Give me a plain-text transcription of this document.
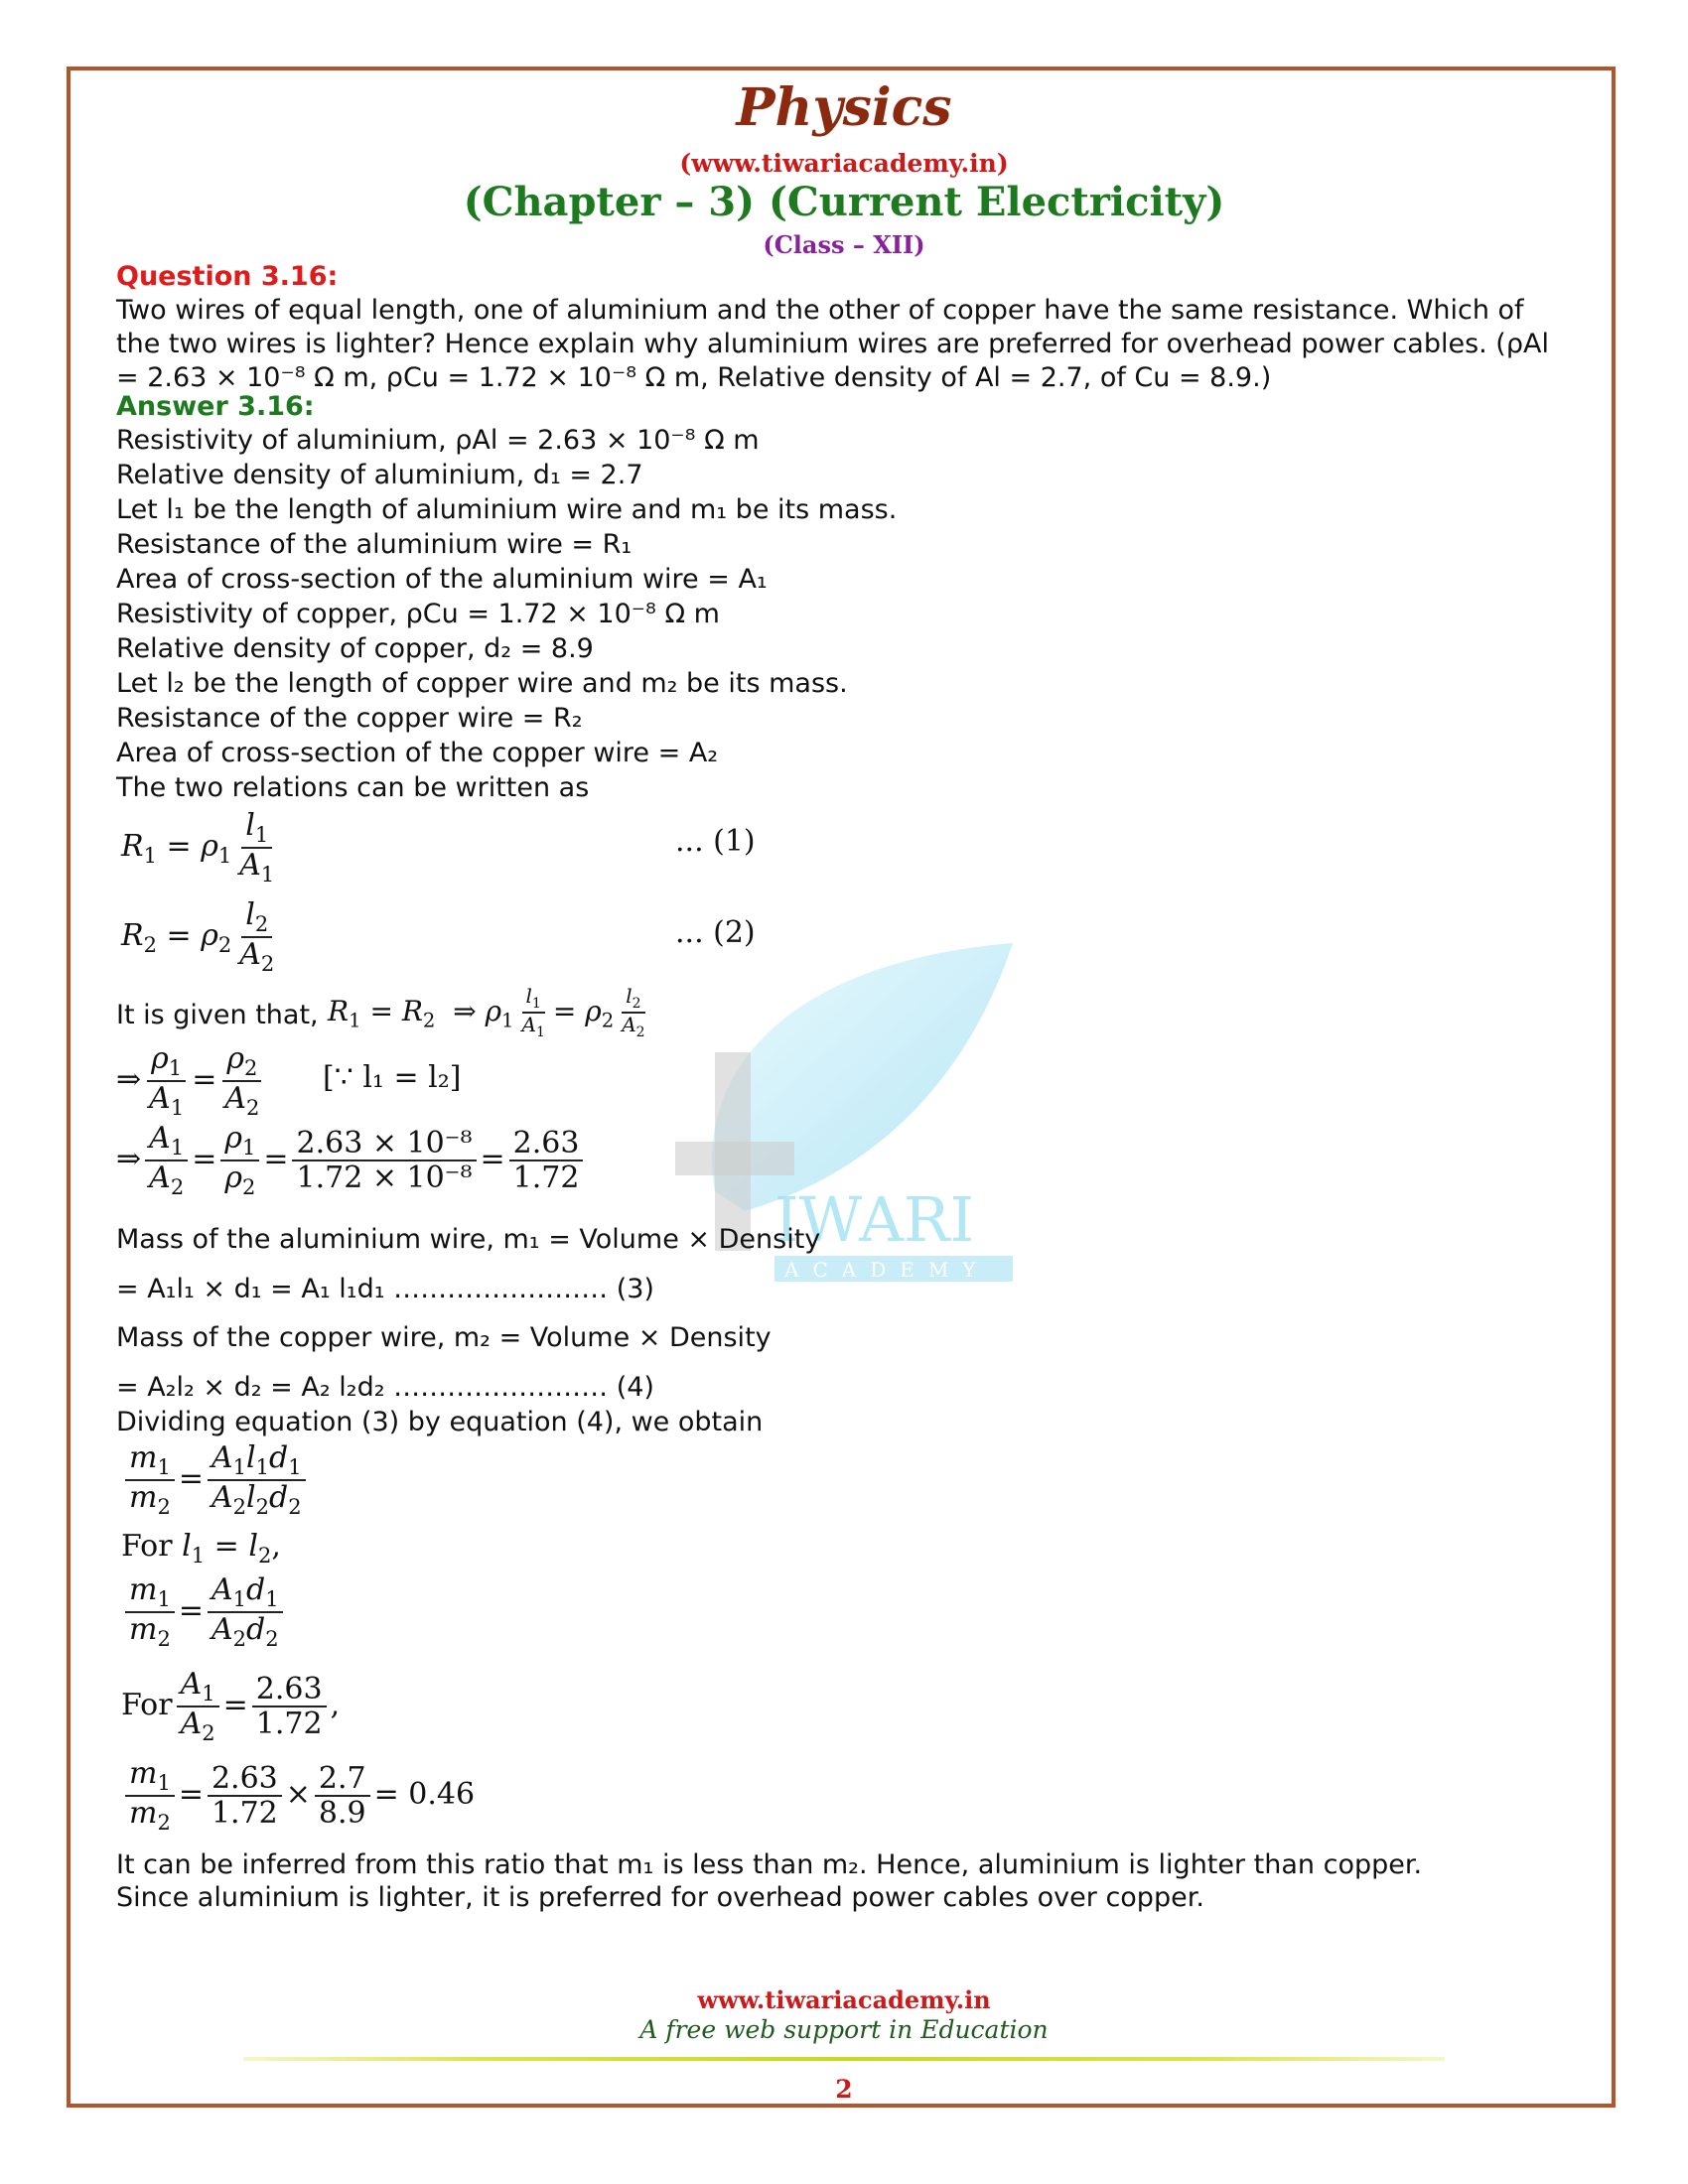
Physics
(www.tiwariacademy.in)
(Chapter – 3) (Current Electricity)
(Class – XII)
IWARI
ACADEMY
Question 3.16:
Two wires of equal length, one of aluminium and the other of copper have the same resistance. Which of the two wires is lighter? Hence explain why aluminium wires are preferred for overhead power cables. (ρAl = 2.63 × 10⁻⁸ Ω m, ρCu = 1.72 × 10⁻⁸ Ω m, Relative density of Al = 2.7, of Cu = 8.9.)
Answer 3.16:
Resistivity of aluminium, ρAl = 2.63 × 10⁻⁸ Ω m
Relative density of aluminium, d₁ = 2.7
Let l₁ be the length of aluminium wire and m₁ be its mass.
Resistance of the aluminium wire = R₁
Area of cross-section of the aluminium wire = A₁
Resistivity of copper, ρCu = 1.72 × 10⁻⁸ Ω m
Relative density of copper, d₂ = 8.9
Let l₂ be the length of copper wire and m₂ be its mass.
Resistance of the copper wire = R₂
Area of cross-section of the copper wire = A₂
The two relations can be written as
$R_1 = \rho_1 \frac{l_1}{A_1}$	... (1)
$R_2 = \rho_2 \frac{l_2}{A_2}$	... (2)
It is given that, $R_1 = R_2$  ⇒ $\rho_1 \frac{l_1}{A_1} = \rho_2 \frac{l_2}{A_2}$
⇒ $\frac{\rho_1}{A_1} = \frac{\rho_2}{A_2}$ [∵ l₁ = l₂]
⇒ $\frac{A_1}{A_2} = \frac{\rho_1}{\rho_2} = \frac{\text{2.63 × 10⁻⁸}}{\text{1.72 × 10⁻⁸}} = \frac{2.63}{1.72}$
Mass of the aluminium wire, m₁ = Volume × Density
= A₁l₁ × d₁ = A₁ l₁d₁ …………………… (3)
Mass of the copper wire, m₂ = Volume × Density
= A₂l₂ × d₂ = A₂ l₂d₂ …………………… (4)
Dividing equation (3) by equation (4), we obtain
$\frac{m_1}{m_2} = \frac{A_1l_1d_1}{A_2l_2d_2}$
For $l_1 = l_2$,
$\frac{m_1}{m_2} = \frac{A_1d_1}{A_2d_2}$
For $\frac{A_1}{A_2} = \frac{2.63}{1.72}$ ,
$\frac{m_1}{m_2} = \frac{2.63}{1.72} \times \frac{2.7}{8.9} = 0.46$
It can be inferred from this ratio that m₁ is less than m₂. Hence, aluminium is lighter than copper.
Since aluminium is lighter, it is preferred for overhead power cables over copper.
www.tiwariacademy.in
A free web support in Education
2
